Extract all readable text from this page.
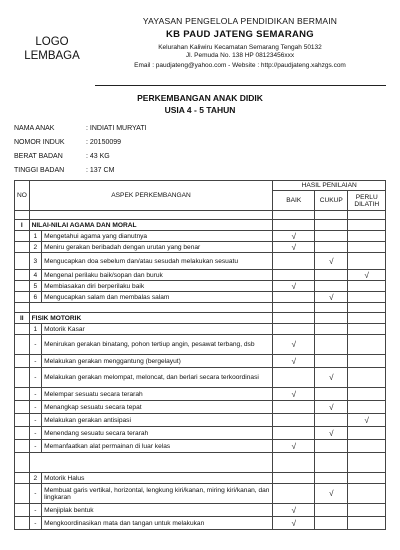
LOGO
LEMBAGA
YAYASAN PENGELOLA PENDIDIKAN BERMAIN
KB PAUD JATENG SEMARANG
Kelurahan Kaliwiru Kecamatan Semarang Tengah 50132
Jl. Pemuda No. 138 HP 08123456xxx
Email : paudjateng@yahoo.com - Website : http://paudjateng.xahzgs.com
PERKEMBANGAN ANAK DIDIK
USIA 4 - 5 TAHUN
NAMA ANAK	: INDIATI MURYATI
NOMOR INDUK	: 20150099
BERAT BADAN	: 43 KG
TINGGI BADAN	: 137 CM
NO	ASPEK PERKEMBANGAN		HASIL PENILAIAN		
			BAIK	CUKUP	PERLU DILATIH

I	NILAI-NILAI AGAMA DAN MORAL				
	1	Mengetahui agama yang dianutnya	√		
	2	Meniru gerakan beribadah dengan urutan yang benar	√		
	3	Mengucapkan doa sebelum dan/atau sesudah melakukan sesuatu		√	
	4	Mengenal perilaku baik/sopan dan buruk			√
	5	Membiasakan diri berperilaku baik	√		
	6	Mengucapkan salam dan membalas salam		√	

II	FISIK MOTORIK				
	1	Motorik Kasar			
	-	Menirukan gerakan binatang, pohon tertiup angin, pesawat terbang, dsb	√		
	-	Melakukan gerakan menggantung (bergelayut)	√		
	-	Melakukan gerakan melompat, meloncat, dan berlari secara terkoordinasi		√	
	-	Melempar sesuatu secara terarah	√		
	-	Menangkap sesuatu secara tepat		√	
	-	Melakukan gerakan antisipasi			√
	-	Menendang sesuatu secara terarah		√	
	-	Memanfaatkan alat permainan di luar kelas	√		

	2	Motorik Halus			
	-	Membuat garis vertikal, horizontal, lengkung kiri/kanan, miring kiri/kanan, dan lingkaran		√	
	-	Menjiplak bentuk	√		
	-	Mengkoordinasikan mata dan tangan untuk melakukan	√		
